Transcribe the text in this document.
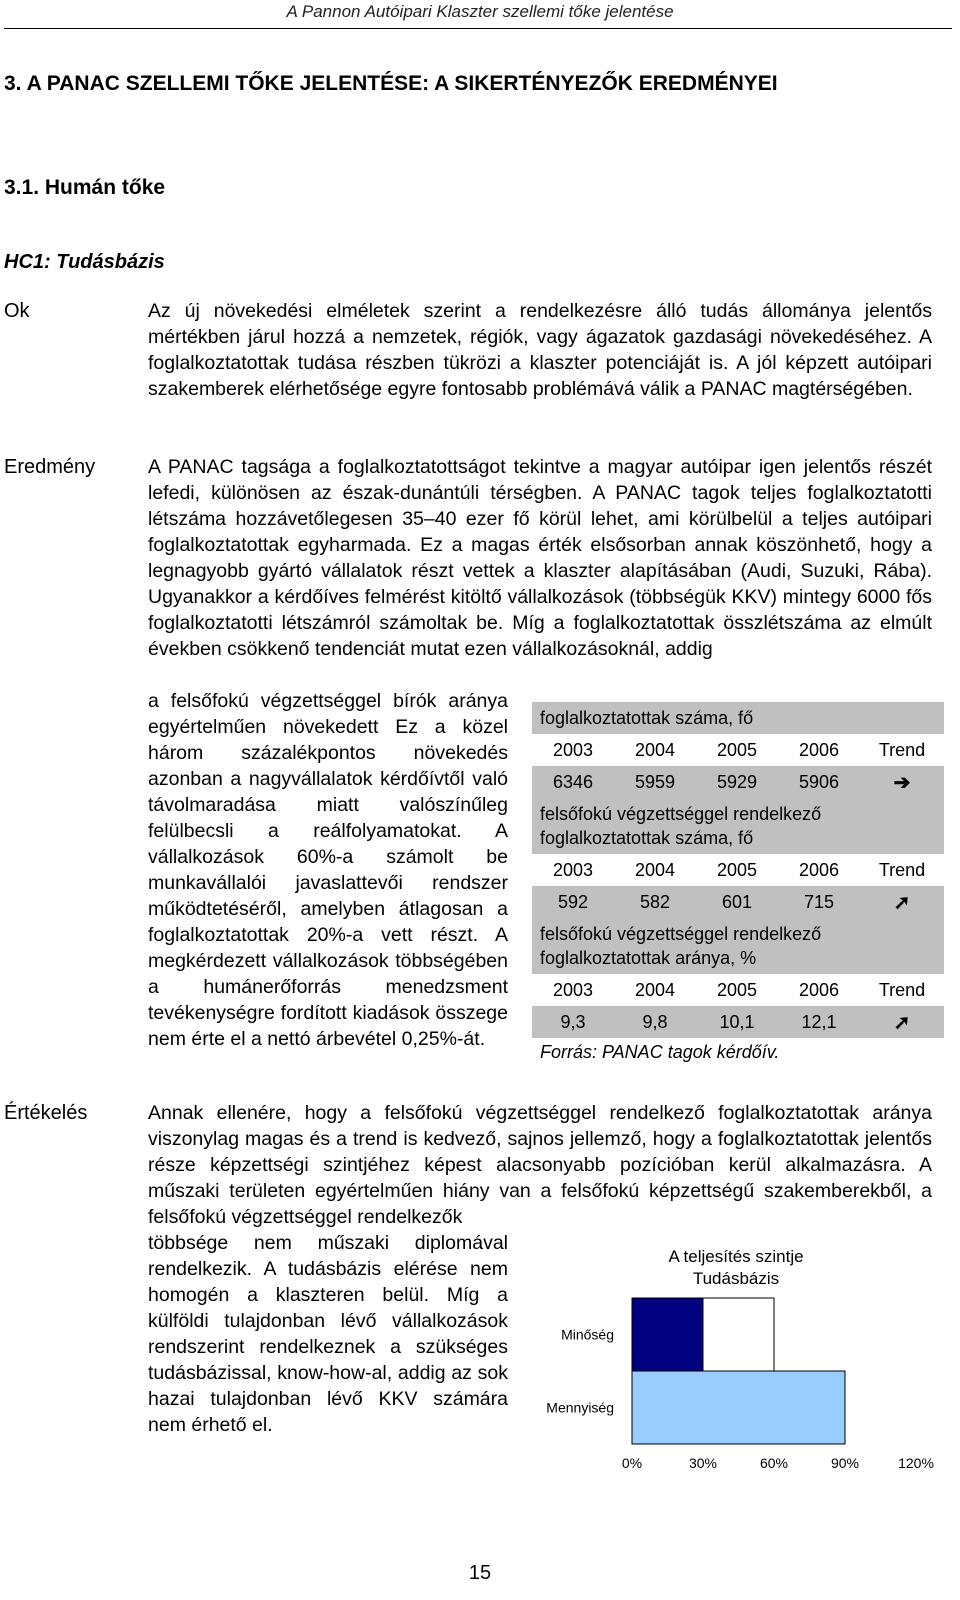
A Pannon Autóipari Klaszter szellemi tőke jelentése
3. A PANAC SZELLEMI TŐKE JELENTÉSE: A SIKERTÉNYEZŐK EREDMÉNYEI
3.1. Humán tőke
HC1: Tudásbázis
Ok	Az új növekedési elméletek szerint a rendelkezésre álló tudás állománya jelentős mértékben járul hozzá a nemzetek, régiók, vagy ágazatok gazdasági növekedéséhez. A foglalkoztatottak tudása részben tükrözi a klaszter potenciáját is. A jól képzett autóipari szakemberek elérhetősége egyre fontosabb problémává válik a PANAC magtérségében.

Eredmény	A PANAC tagsága a foglalkoztatottságot tekintve a magyar autóipar igen jelentős részét lefedi, különösen az észak-dunántúli térségben. A PANAC tagok teljes foglalkoztatotti létszáma hozzávetőlegesen 35–40 ezer fő körül lehet, ami körülbelül a teljes autóipari foglalkoztatottak egyharmada. Ez a magas érték elsősorban annak köszönhető, hogy a legnagyobb gyártó vállalatok részt vettek a klaszter alapításában (Audi, Suzuki, Rába). Ugyanakkor a kérdőíves felmérést kitöltő vállalkozások (többségük KKV) mintegy 6000 fős foglalkoztatotti létszámról számoltak be. Míg a foglalkoztatottak összlétszáma az elmúlt években csökkenő tendenciát mutat ezen vállalkozásoknál, addig

a felsőfokú végzettséggel bírók aránya egyértelműen növekedett Ez a közel három százalékpontos növekedés azonban a nagyvállalatok kérdőívtől való távolmaradása miatt valószínűleg felülbecsli a reálfolyamatokat. A vállalkozások 60%-a számolt be munkavállalói javaslattevői rendszer működtetéséről, amelyben átlagosan a foglalkoztatottak 20%-a vett részt. A megkérdezett vállalkozások többségében a humánerőforrás menedzsment tevékenységre fordított kiadások összege nem érte el a nettó árbevétel 0,25%-át.

foglalkoztatottak száma, fő
2003	2004	2005	2006	Trend
6346	5959	5929	5906	➔
felsőfokú végzettséggel rendelkező foglalkoztatottak száma, fő
2003	2004	2005	2006	Trend
592	582	601	715	➚
felsőfokú végzettséggel rendelkező foglalkoztatottak aránya, %
2003	2004	2005	2006	Trend
9,3	9,8	10,1	12,1	➚
Forrás: PANAC tagok kérdőív.
Értékelés	Annak ellenére, hogy a felsőfokú végzettséggel rendelkező foglalkoztatottak aránya viszonylag magas és a trend is kedvező, sajnos jellemző, hogy a foglalkoztatottak jelentős része képzettségi szintjéhez képest alacsonyabb pozícióban kerül alkalmazásra. A műszaki területen egyértelműen hiány van a felsőfokú képzettségű szakemberekből, a felsőfokú végzettséggel rendelkezők

többsége nem műszaki diplomával rendelkezik. A tudásbázis elérése nem homogén a klaszteren belül. Míg a külföldi tulajdonban lévő vállalkozások rendszerint rendelkeznek a szükséges tudásbázissal, know-how-al, addig az sok hazai tulajdonban lévő KKV számára nem érhető el.

A teljesítés szintje
Tudásbázis
Minőség
Mennyiség
0%	30%	60%	90%	120%
15
